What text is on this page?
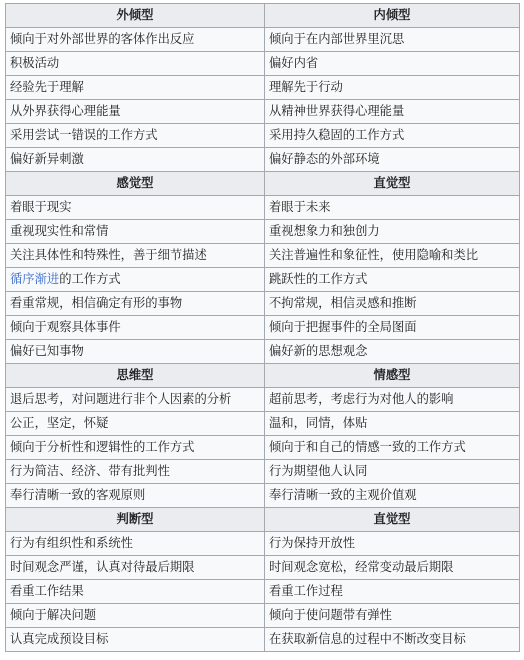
外倾型	内倾型
倾向于对外部世界的客体作出反应	倾向于在内部世界里沉思
积极活动	偏好内省
经验先于理解	理解先于行动
从外界获得心理能量	从精神世界获得心理能量
采用尝试一错误的工作方式	采用持久稳固的工作方式
偏好新异刺激	偏好静态的外部环境
感觉型	直觉型
着眼于现实	着眼于未来
重视现实性和常情	重视想象力和独创力
关注具体性和特殊性，善于细节描述	关注普遍性和象征性，使用隐喻和类比
循序渐进的工作方式	跳跃性的工作方式
看重常规，相信确定有形的事物	不拘常规，相信灵感和推断
倾向于观察具体事件	倾向于把握事件的全局图面
偏好已知事物	偏好新的思想观念
思维型	情感型
退后思考，对问题进行非个人因素的分析	超前思考，考虑行为对他人的影响
公正，坚定，怀疑	温和，同情，体贴
倾向于分析性和逻辑性的工作方式	倾向于和自己的情感一致的工作方式
行为简洁、经济、带有批判性	行为期望他人认同
奉行清晰一致的客观原则	奉行清晰一致的主观价值观
判断型	直觉型
行为有组织性和系统性	行为保持开放性
时间观念严谨，认真对待最后期限	时间观念宽松，经常变动最后期限
看重工作结果	看重工作过程
倾向于解决问题	倾向于使问题带有弹性
认真完成预设目标	在获取新信息的过程中不断改变目标
